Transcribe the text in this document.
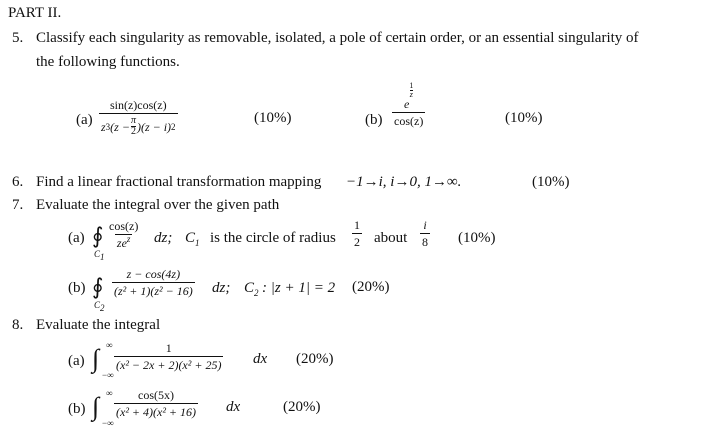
PART II.
5. Classify each singularity as removable, isolated, a pole of certain order, or an essential singularity of
the following functions.
$(a) \frac{\sin(z)\cos(z)}{z 3 (z - \frac{\pi}{2} )(z - i) 2}$	(10%)	(b)
e
$\frac{1}{z}$
cos(z)	(10%)
6. Find a linear fractional transformation mapping −1→i, i→0, 1→∞.	(10%)
7. Evaluate the integral over the given path
(a) ∮
$C_1$
cos(z)
$ze^z$ dz; $C_1$ is the circle of radius $\frac{1}{2}$ about $\frac{i}{8} (10\%)$
(b) ∮
$C_2$
$\frac{z - \cos(4z)}{\text{(z² + 1)(z² − 16)}}$ dz; $C_2$ : |z + 1| = 2 (20%)
8. Evaluate the integral
(a) ∫ ∞
−∞
$\frac{1}{\text{(x² − 2x + 2)(x² + 25)}}$ dx (20%)
(b) ∫ ∞
−∞
$\frac{\cos(5x)}{\text{(x² + 4)(x² + 16)}}$ dx	(20%)
